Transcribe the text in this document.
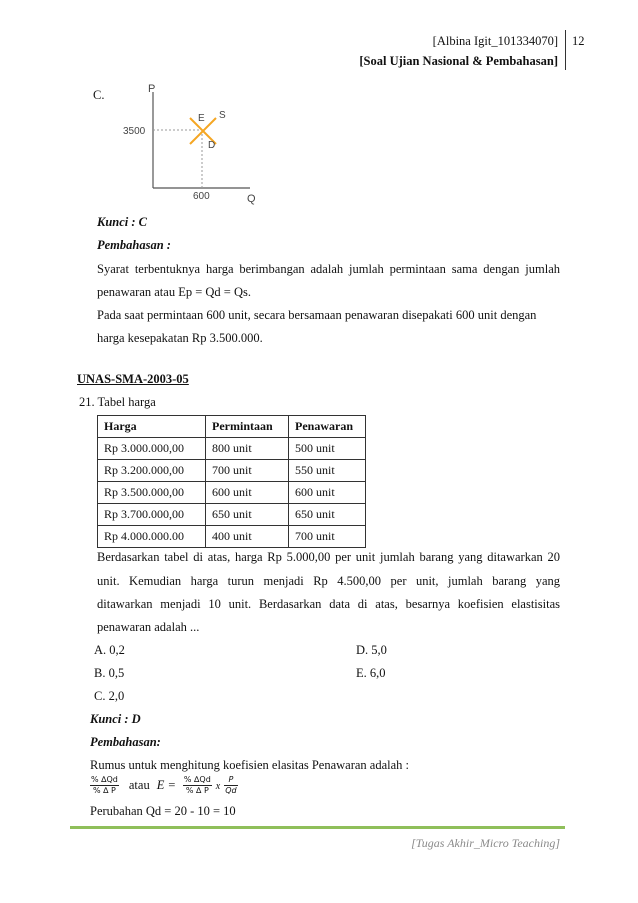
[Albina Igit_101334070]
[Soal Ujian Nasional & Pembahasan]
12
C.	P
Q
3500
600
E S
D
Kunci : C
Pembahasan :
Syarat terbentuknya harga berimbangan adalah jumlah permintaan sama dengan jumlah
penawaran atau Ep = Qd = Qs.
Pada saat permintaan 600 unit, secara bersamaan penawaran disepakati 600 unit dengan
harga kesepakatan Rp 3.500.000.
UNAS-SMA-2003-05
21. Tabel harga
Harga	Permintaan	Penawaran
Rp 3.000.000,00	800 unit	500 unit
Rp 3.200.000,00	700 unit	550 unit
Rp 3.500.000,00	600 unit	600 unit
Rp 3.700.000,00	650 unit	650 unit
Rp 4.000.000.00	400 unit	700 unit
Berdasarkan tabel di atas, harga Rp 5.000,00 per unit jumlah barang yang ditawarkan 20
unit. Kemudian harga turun menjadi Rp 4.500,00 per unit, jumlah barang yang
ditawarkan menjadi 10 unit. Berdasarkan data di atas, besarnya koefisien elastisitas
penawaran adalah ...
A. 0,2	D. 5,0
B. 0,5	E. 6,0
C. 2,0
Kunci : D
Pembahasan:
Rumus untuk menghitung koefisien elasitas Penawaran adalah :
$\frac{\% \Delta Qd}{\% \Delta P}$ atau $E = \frac{\% \Delta Qd}{\% \Delta P}$ x $\frac{P}{Qd}$
Perubahan Qd = 20 - 10 = 10
[Tugas Akhir_Micro Teaching]
